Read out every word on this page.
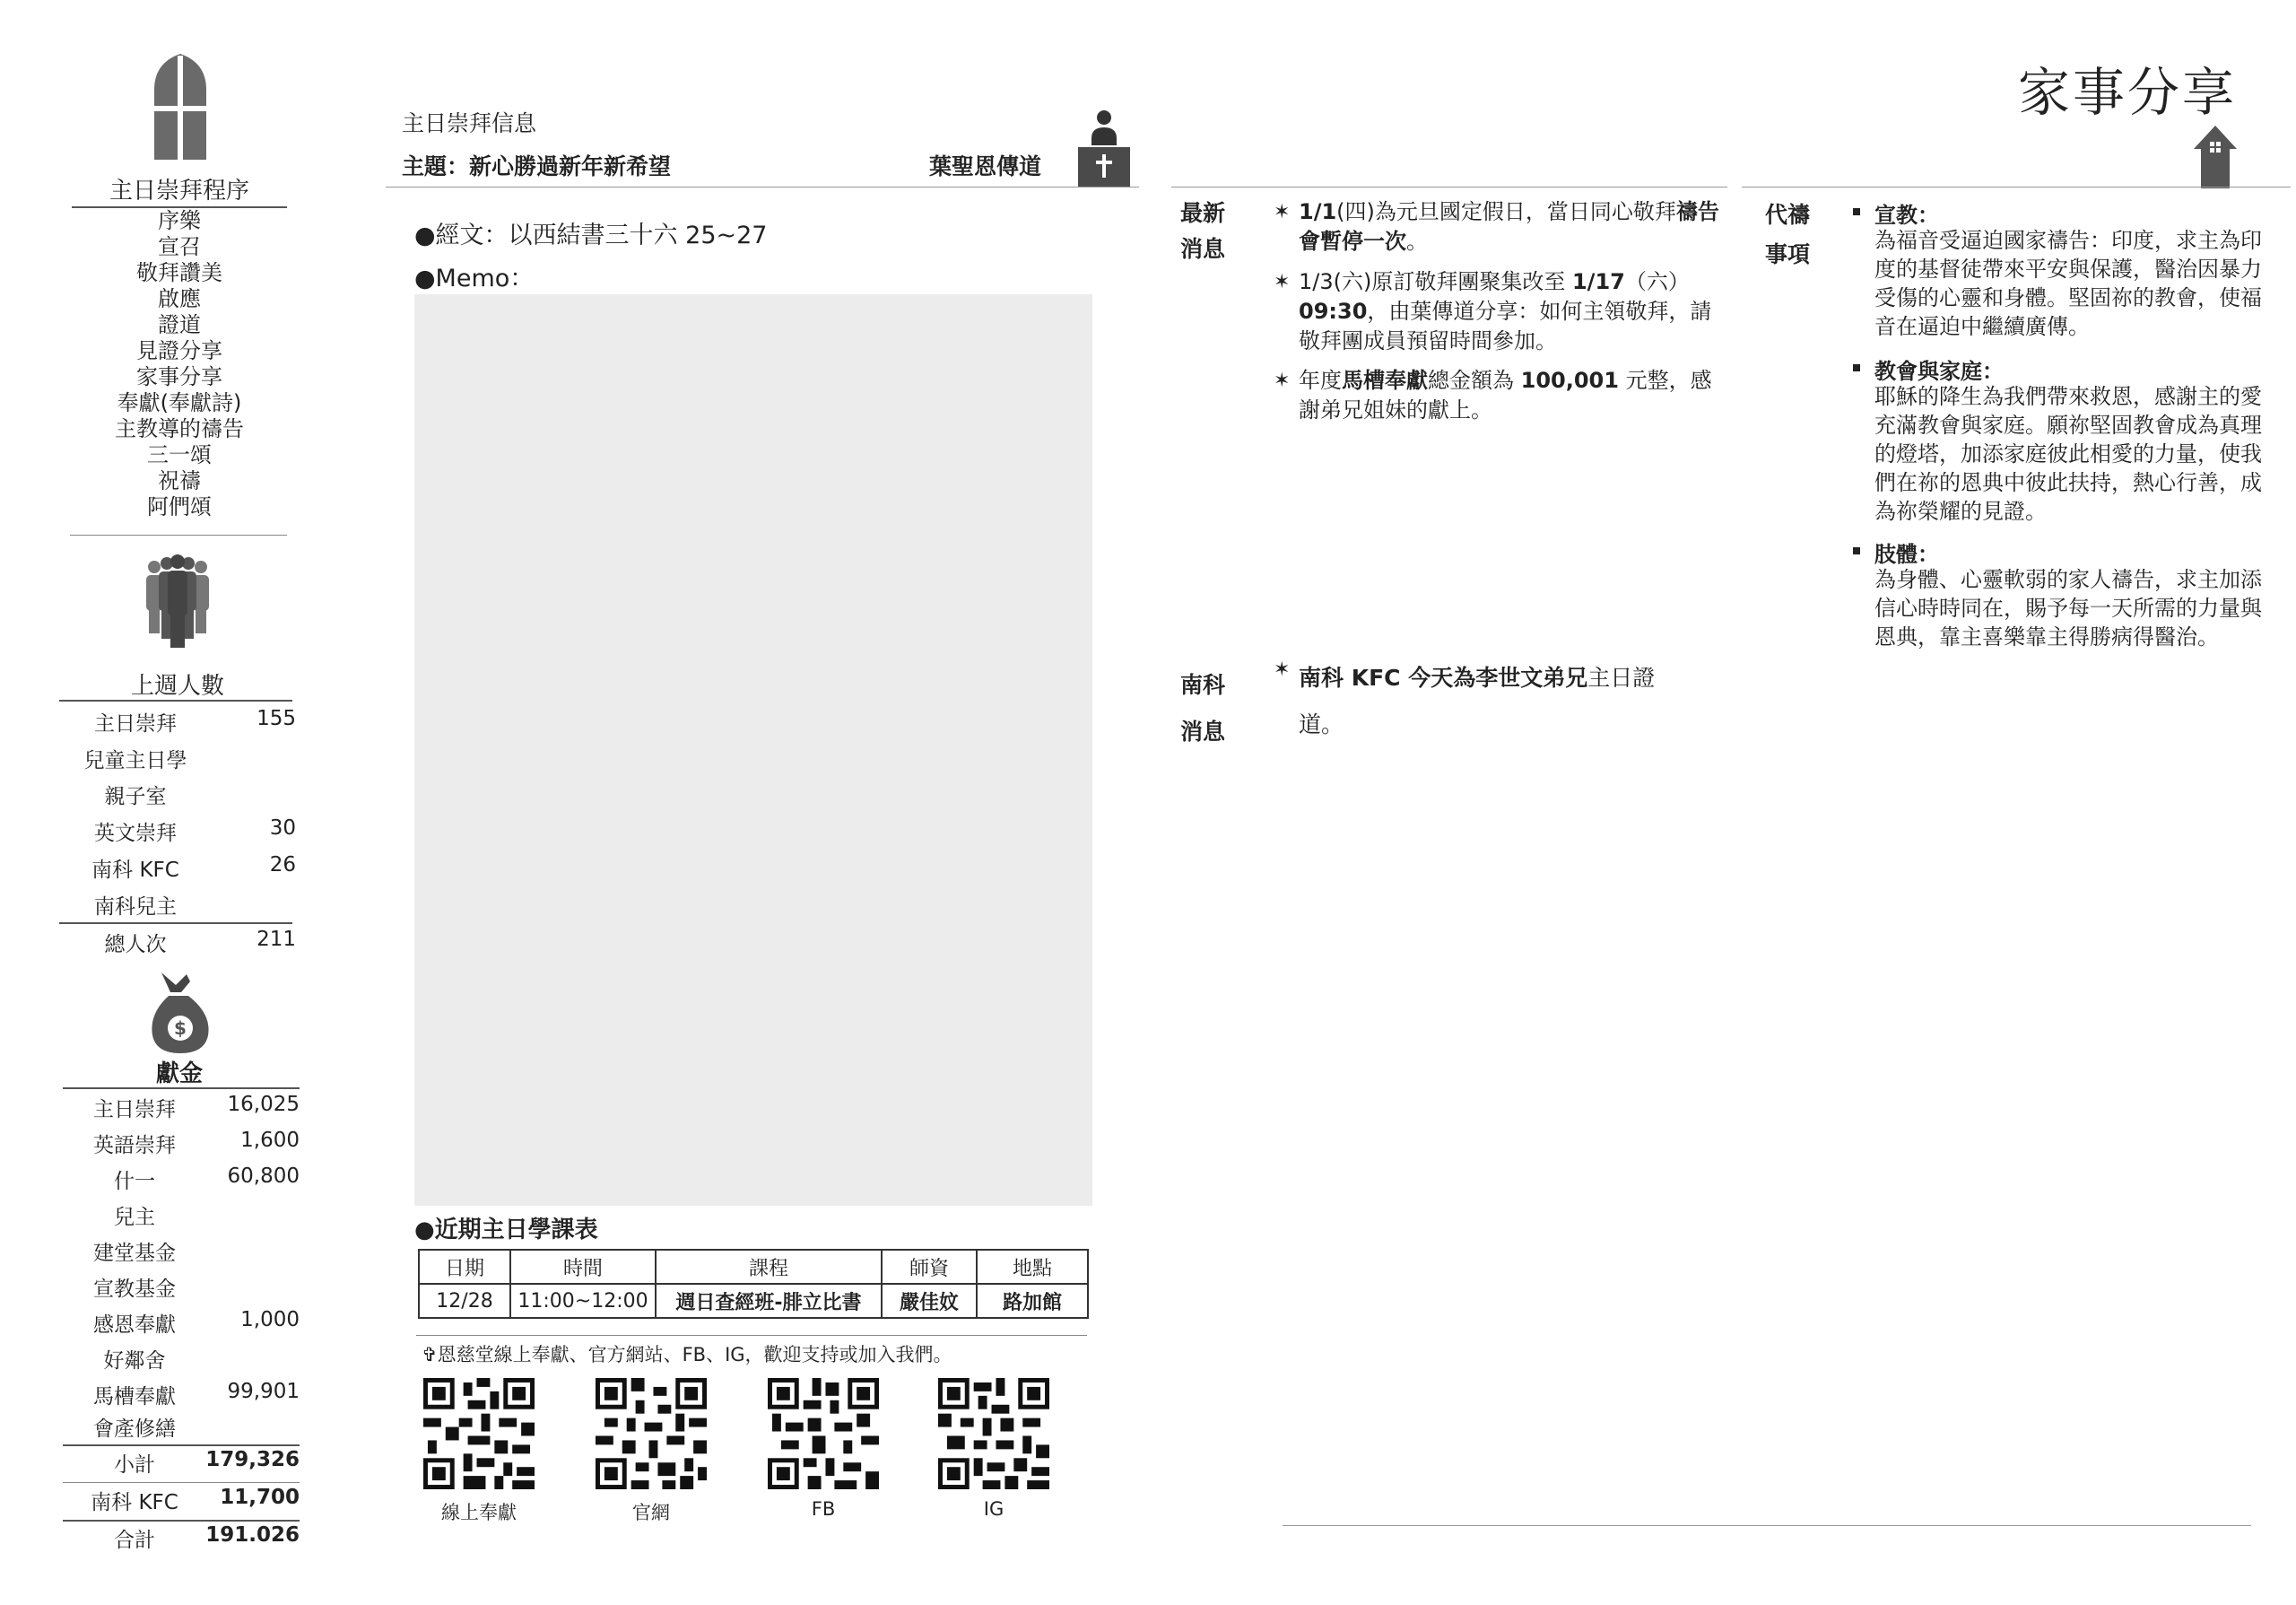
主日崇拜程序
序樂
宣召
敬拜讚美
啟應
證道
見證分享
家事分享
奉獻(奉獻詩)
主教導的禱告
三一頌
祝禱
阿們頌
上週人數
主日崇拜	155
兒童主日學
親子室
英文崇拜	30
南科 KFC	26
南科兒主
總人次	211
$
獻金
主日崇拜	16,025
英語崇拜	1,600
什一	60,800
兒主
建堂基金
宣教基金
感恩奉獻	1,000
好鄰舍
馬槽奉獻	99,901
會產修繕
小計	179,326
南科 KFC	11,700
合計	191.026
主日崇拜信息
主題：新心勝過新年新希望	葉聖恩傳道
●經文：以西結書三十六 25~27
●Memo：
●近期主日學課表
日期	時間	課程	師資	地點
12/28	11:00~12:00	週日查經班-腓立比書	嚴佳妏	路加館
✞恩慈堂線上奉獻、官方網站、FB、IG，歡迎支持或加入我們。
線上奉獻	官網	FB	IG
家事分享
最新
消息
✶ 1/1(四)為元旦國定假日，當日同心敬拜禱告會暫停一次。
✶ 1/3(六)原訂敬拜團聚集改至 1/17（六）09:30，由葉傳道分享：如何主領敬拜，請敬拜團成員預留時間參加。
✶ 年度馬槽奉獻總金額為 100,001 元整，感謝弟兄姐妹的獻上。
南科
消息
✶ 南科 KFC 今天為李世文弟兄主日證
道。
代禱
事項
宣教：
為福音受逼迫國家禱告：印度，求主為印度的基督徒帶來平安與保護，醫治因暴力受傷的心靈和身體。堅固祢的教會，使福音在逼迫中繼續廣傳。
教會與家庭：
耶穌的降生為我們帶來救恩，感謝主的愛充滿教會與家庭。願祢堅固教會成為真理的燈塔，加添家庭彼此相愛的力量，使我們在祢的恩典中彼此扶持，熱心行善，成為祢榮耀的見證。
肢體：
為身體、心靈軟弱的家人禱告，求主加添信心時時同在，賜予每一天所需的力量與恩典，靠主喜樂靠主得勝病得醫治。
